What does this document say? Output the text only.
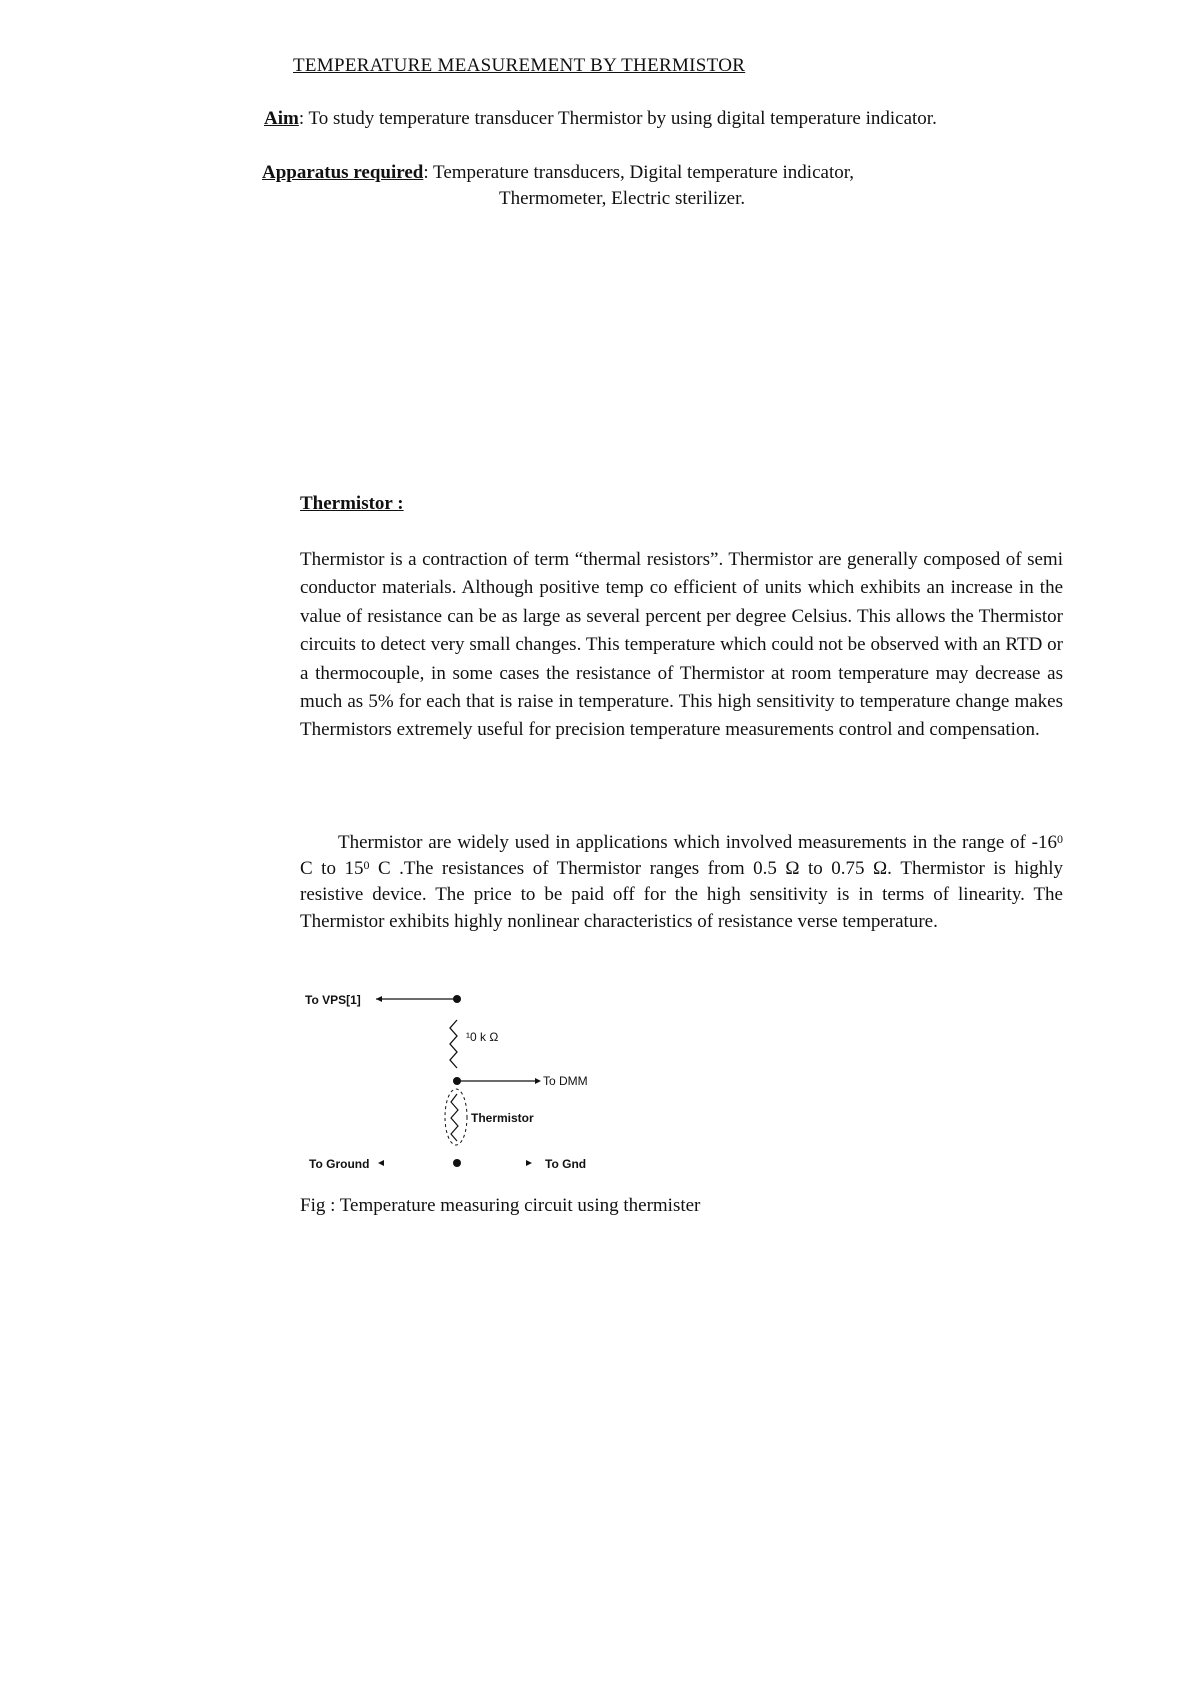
TEMPERATURE MEASUREMENT BY THERMISTOR
Aim: To study temperature transducer Thermistor by using digital temperature indicator.
Apparatus required: Temperature transducers, Digital temperature indicator,
Thermometer, Electric sterilizer.
Thermistor :
Thermistor is a contraction of term “thermal resistors”. Thermistor are generally composed of semi conductor materials. Although positive temp co efficient of units which exhibits an increase in the value of resistance can be as large as several percent per degree Celsius. This allows the Thermistor circuits to detect very small changes. This temperature which could not be observed with an RTD or a thermocouple, in some cases the resistance of Thermistor at room temperature may decrease as much as 5% for each that is raise in temperature. This high sensitivity to temperature change makes Thermistors extremely useful for precision temperature measurements control and compensation.
Thermistor are widely used in applications which involved measurements in the range of $-16^0$ C to $15^0$ C .The resistances of Thermistor ranges from 0.5 Ω to 0.75 Ω. Thermistor is highly resistive device. The price to be paid off for the high sensitivity is in terms of linearity. The Thermistor exhibits highly nonlinear characteristics of resistance verse temperature.
To VPS[1]
¹0 k Ω
To DMM
Thermistor
To Ground	To Gnd
Fig : Temperature measuring circuit using thermister
